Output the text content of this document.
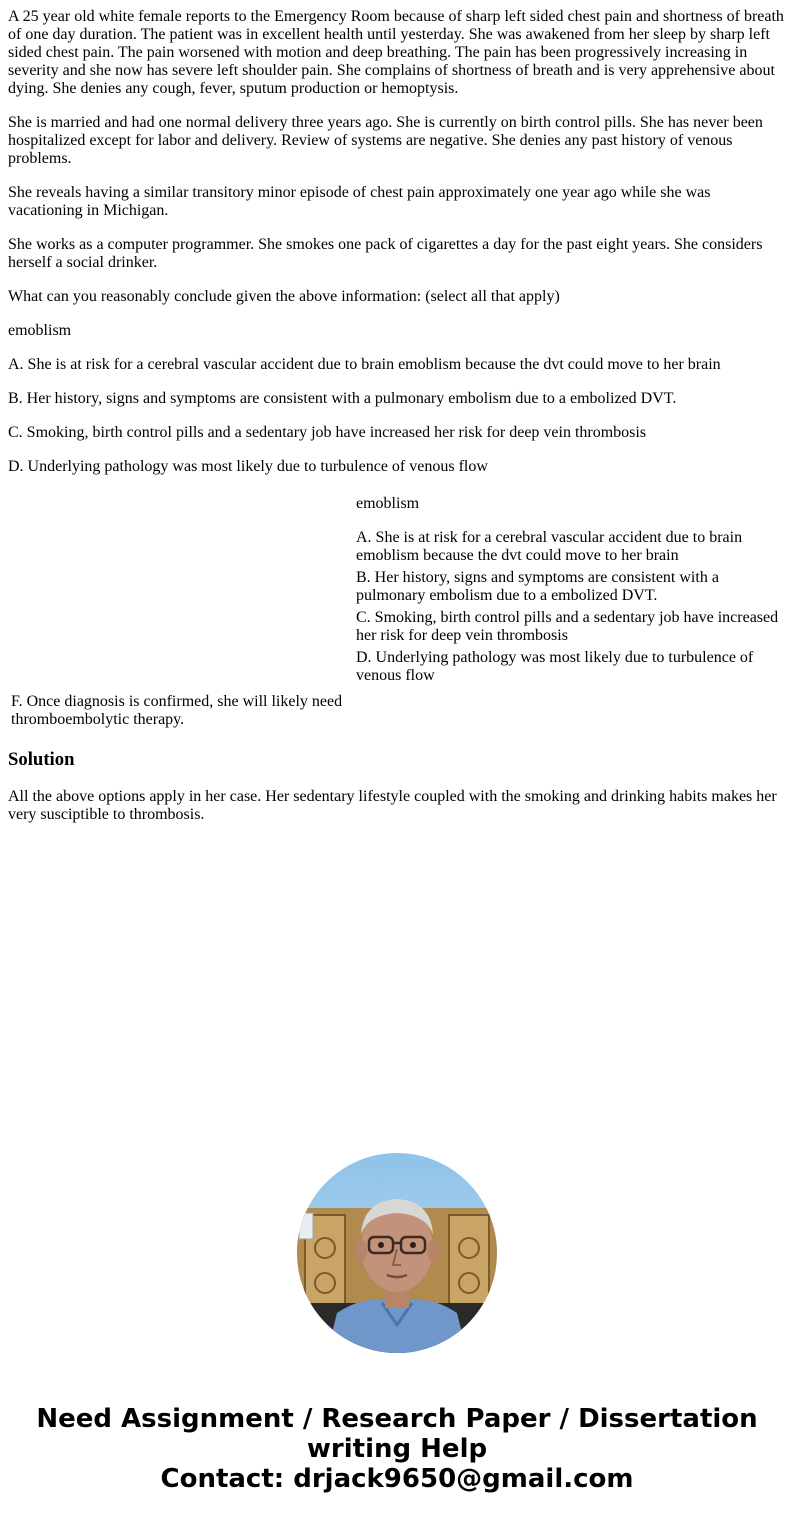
A 25 year old white female reports to the Emergency Room because of sharp left sided chest pain and shortness of breath of one day duration. The patient was in excellent health until yesterday. She was awakened from her sleep by sharp left sided chest pain. The pain worsened with motion and deep breathing. The pain has been progressively increasing in severity and she now has severe left shoulder pain. She complains of shortness of breath and is very apprehensive about dying. She denies any cough, fever, sputum production or hemoptysis.

She is married and had one normal delivery three years ago. She is currently on birth control pills. She has never been hospitalized except for labor and delivery. Review of systems are negative. She denies any past history of venous problems.

She reveals having a similar transitory minor episode of chest pain approximately one year ago while she was vacationing in Michigan.

She works as a computer programmer. She smokes one pack of cigarettes a day for the past eight years. She considers herself a social drinker.

What can you reasonably conclude given the above information: (select all that apply)

emoblism

A. She is at risk for a cerebral vascular accident due to brain emoblism because the dvt could move to her brain

B. Her history, signs and symptoms are consistent with a pulmonary embolism due to a embolized DVT.

C. Smoking, birth control pills and a sedentary job have increased her risk for deep vein thrombosis

D. Underlying pathology was most likely due to turbulence of venous flow

	emoblism

A. She is at risk for a cerebral vascular accident due to brain emoblism because the dvt could move to her brain

B. Her history, signs and symptoms are consistent with a pulmonary embolism due to a embolized DVT.

C. Smoking, birth control pills and a sedentary job have increased her risk for deep vein thrombosis

D. Underlying pathology was most likely due to turbulence of venous flow

F. Once diagnosis is confirmed, she will likely need thromboembolytic therapy.	
Solution

All the above options apply in her case. Her sedentary lifestyle coupled with the smoking and drinking habits makes her very susciptible to thrombosis.

Need Assignment / Research Paper / Dissertation
writing Help
Contact: drjack9650@gmail.com
